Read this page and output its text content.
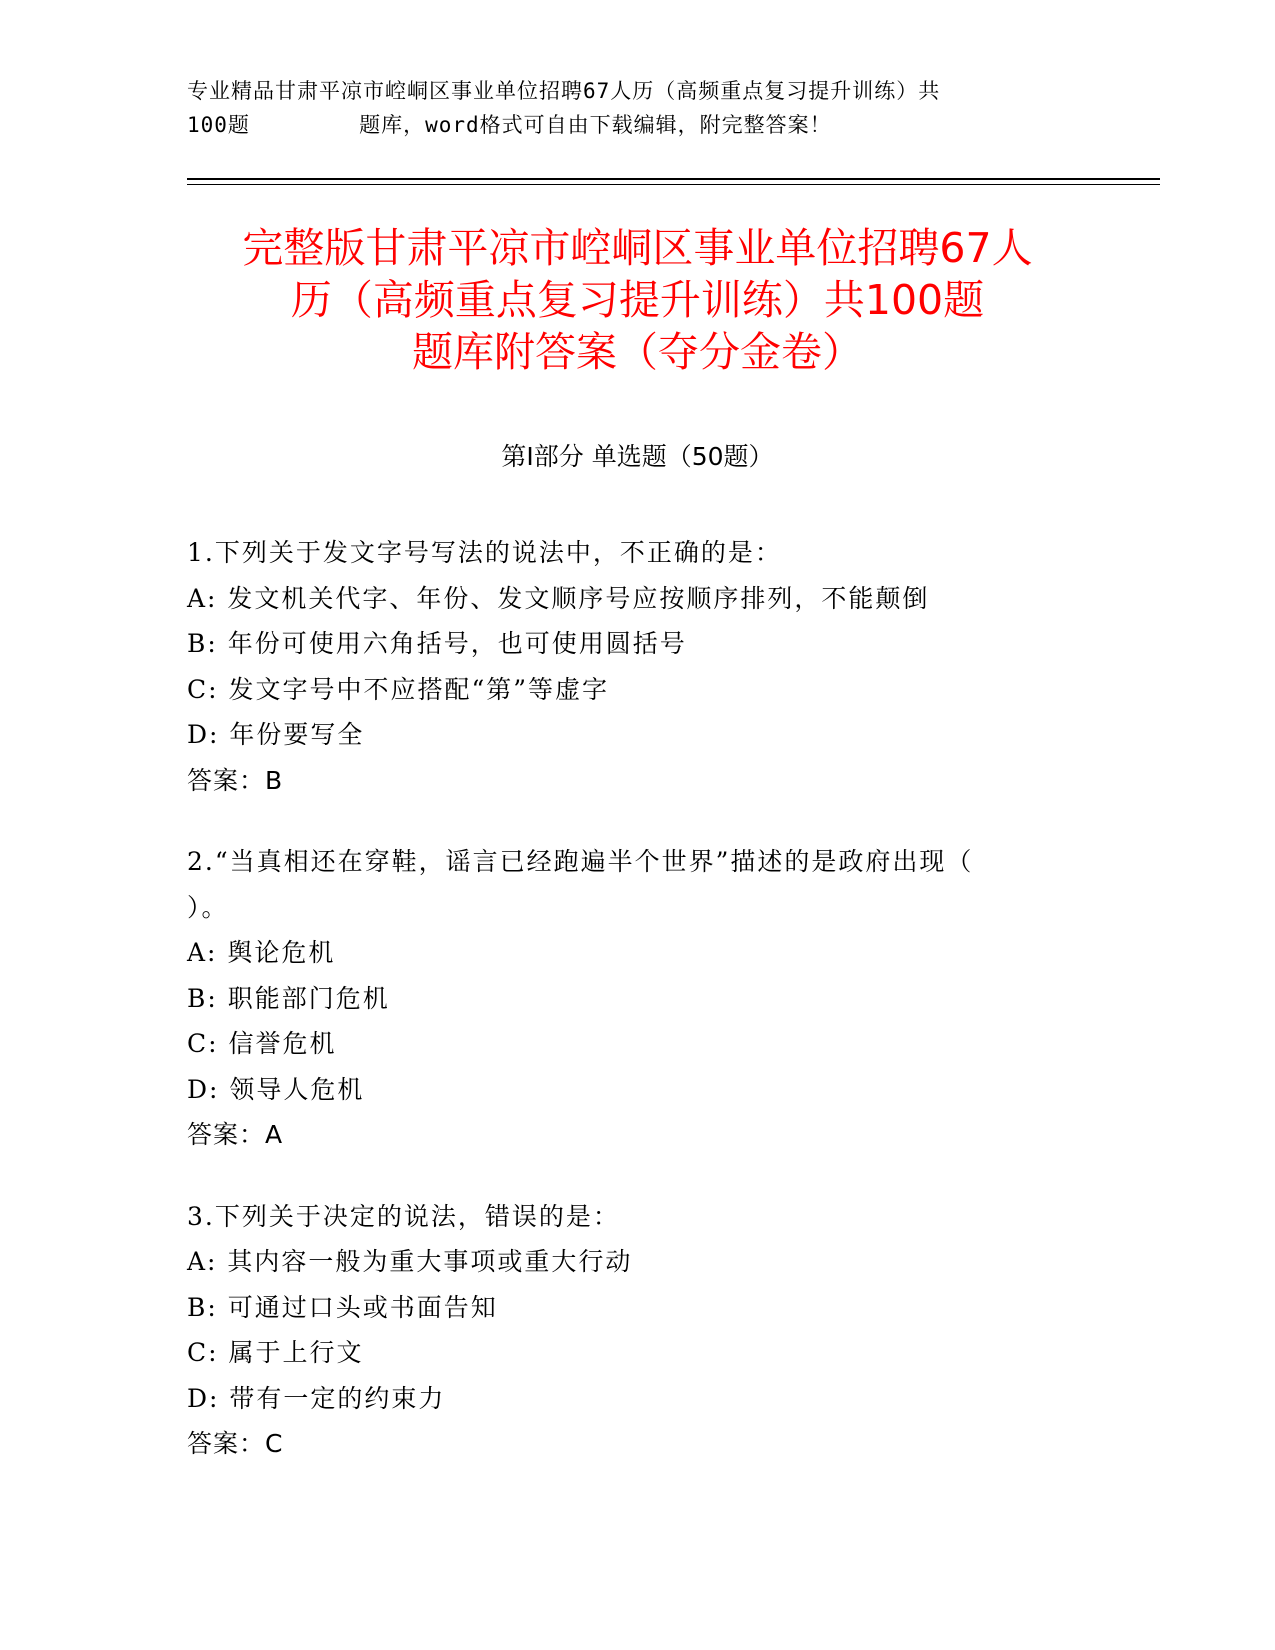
专业精品甘肃平凉市崆峒区事业单位招聘67人历（高频重点复习提升训练）共
100题        题库，word格式可自由下载编辑，附完整答案！
完整版甘肃平凉市崆峒区事业单位招聘67人
历（高频重点复习提升训练）共100题
题库附答案（夺分金卷）
第Ⅰ部分 单选题（50题）
1.下列关于发文字号写法的说法中，不正确的是：
A: 发文机关代字、年份、发文顺序号应按顺序排列，不能颠倒
B: 年份可使用六角括号，也可使用圆括号
C: 发文字号中不应搭配“第”等虚字
D: 年份要写全
答案：B
2.“当真相还在穿鞋，谣言已经跑遍半个世界”描述的是政府出现（
）。
A: 舆论危机
B: 职能部门危机
C: 信誉危机
D: 领导人危机
答案：A
3.下列关于决定的说法，错误的是：
A: 其内容一般为重大事项或重大行动
B: 可通过口头或书面告知
C: 属于上行文
D: 带有一定的约束力
答案：C
